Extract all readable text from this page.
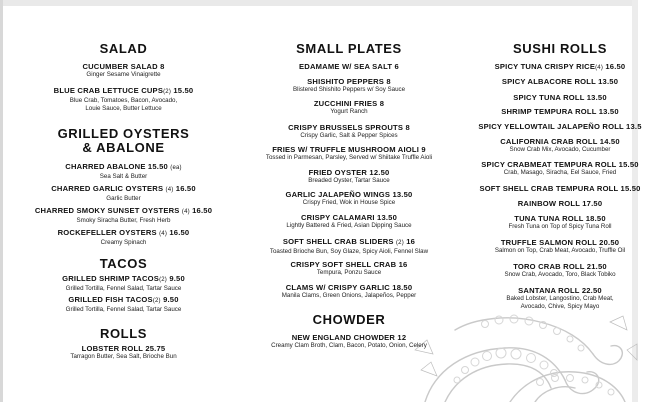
SALAD
CUCUMBER SALAD 8
Ginger Sesame Vinaigrette
BLUE CRAB LETTUCE CUPS(2) 15.50
Blue Crab, Tomatoes, Bacon, Avocado,
Louie Sauce, Butter Lettuce
GRILLED OYSTERS
& ABALONE
CHARRED ABALONE 15.50 (ea)
Sea Salt & Butter
CHARRED GARLIC OYSTERS (4) 16.50
Garlic Butter
CHARRED SMOKY SUNSET OYSTERS (4) 16.50
Smoky Siracha Butter, Fresh Herb
ROCKEFELLER OYSTERS (4) 16.50
Creamy Spinach
TACOS
GRILLED SHRIMP TACOS(2) 9.50
Grilled Tortilla, Fennel Salad, Tartar Sauce
GRILLED FISH TACOS(2) 9.50
Grilled Tortilla, Fennel Salad, Tartar Sauce
ROLLS
LOBSTER ROLL 25.75
Tarragon Butter, Sea Salt, Brioche Bun
SMALL PLATES
EDAMAME W/ SEA SALT 6
SHISHITO PEPPERS 8
Blistered Shishito Peppers w/ Soy Sauce
ZUCCHINI FRIES 8
Yogurt Ranch
CRISPY BRUSSELS SPROUTS 8
Crispy Garlic, Salt & Pepper Spices
FRIES W/ TRUFFLE MUSHROOM AIOLI 9
Tossed in Parmesan, Parsley, Served w/ Shiitake Truffle Aioli
FRIED OYSTER 12.50
Breaded Oyster, Tartar Sauce
GARLIC JALAPEÑO WINGS 13.50
Crispy Fried, Wok in House Spice
CRISPY CALAMARI 13.50
Lightly Battered & Fried, Asian Dipping Sauce
SOFT SHELL CRAB SLIDERS (2) 16
Toasted Brioche Bun, Soy Glaze, Spicy Aioli, Fennel Slaw
CRISPY SOFT SHELL CRAB 16
Tempura, Ponzu Sauce
CLAMS W/ CRISPY GARLIC 18.50
Manila Clams, Green Onions, Jalapeños, Pepper
CHOWDER
NEW ENGLAND CHOWDER 12
Creamy Clam Broth, Clam, Bacon, Potato, Onion, Celery
SUSHI ROLLS
SPICY TUNA CRISPY RICE(4) 16.50
SPICY ALBACORE ROLL 13.50
SPICY TUNA ROLL 13.50
SHRIMP TEMPURA ROLL 13.50
SPICY YELLOWTAIL JALAPEÑO ROLL 13.5
CALIFORNIA CRAB ROLL 14.50
Snow Crab Mix, Avocado, Cucumber
SPICY CRABMEAT TEMPURA ROLL 15.50
Crab, Masago, Siracha, Eel Sauce, Fried
SOFT SHELL CRAB TEMPURA ROLL 15.50
RAINBOW ROLL 17.50
TUNA TUNA ROLL 18.50
Fresh Tuna on Top of Spicy Tuna Roll
TRUFFLE SALMON ROLL 20.50
Salmon on Top, Crab Meat, Avocado, Truffle Oil
TORO CRAB ROLL 21.50
Snow Crab, Avocado, Toro, Black Tobiko
SANTANA ROLL 22.50
Baked Lobster, Langostino, Crab Meat,
Avocado, Chive, Spicy Mayo
